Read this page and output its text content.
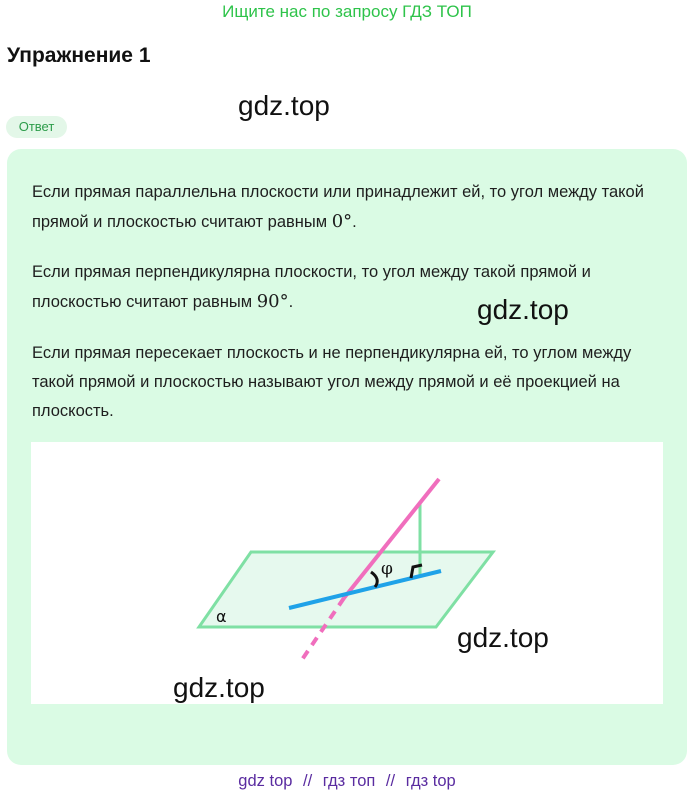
Ищите нас по запросу ГДЗ ТОП
Упражнение 1
gdz.top
Ответ
Если прямая параллельна плоскости или принадлежит ей, то угол между такой прямой и плоскостью считают равным 0°.
Если прямая перпендикулярна плоскости, то угол между такой прямой и плоскостью считают равным 90°.	gdz.top
Если прямая пересекает плоскость и не перпендикулярна ей, то углом между такой прямой и плоскостью называют угол между прямой и её проекцией на плоскость.
φ
α
gdz.top
gdz.top
gdz top // гдз топ // гдз top
